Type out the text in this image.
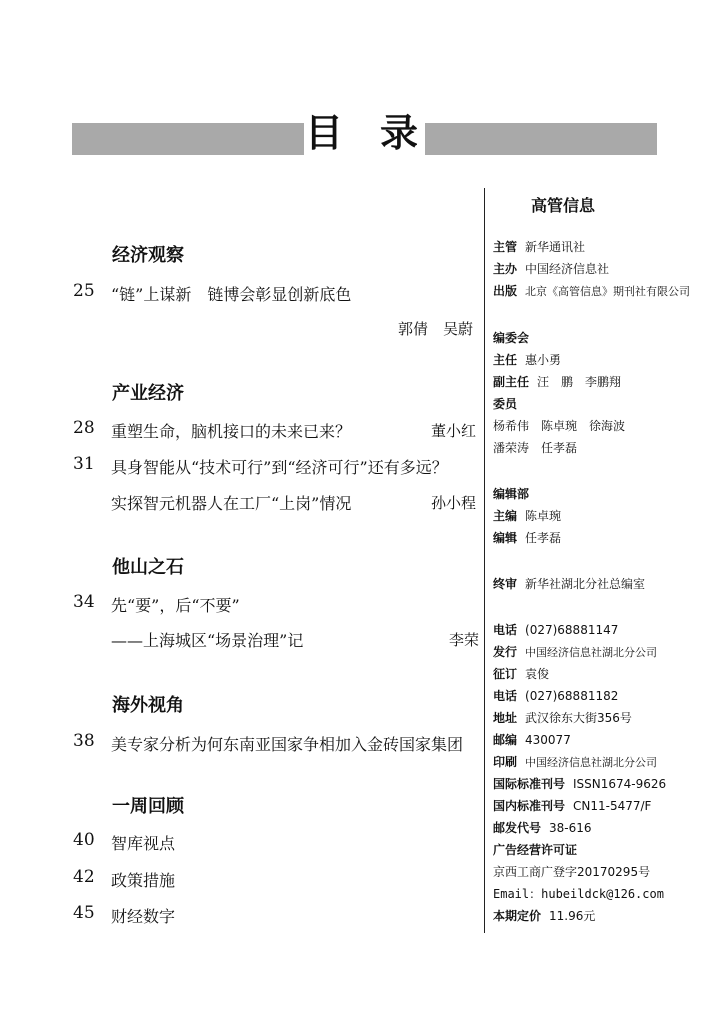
目 录
经济观察
25 “链”上谋新　链博会彰显创新底色
郭倩　吴蔚
产业经济
28 重塑生命，脑机接口的未来已来？	董小红
31 具身智能从“技术可行”到“经济可行”还有多远？
实探智元机器人在工厂“上岗”情况	孙小程
他山之石
34 先“要”，后“不要”
——上海城区“场景治理”记	李荣
海外视角
38 美专家分析为何东南亚国家争相加入金砖国家集团
一周回顾
40 智库视点
42 政策措施
45 财经数字
高管信息
主管 新华通讯社
主办 中国经济信息社
出版 北京《高管信息》期刊社有限公司
编委会
主任 惠小勇
副主任 汪　鹏　李鹏翔
委员
杨希伟　陈卓琬　徐海波
潘荣涛　任孝磊
编辑部
主编 陈卓琬
编辑 任孝磊
终审 新华社湖北分社总编室
电话 (027)68881147
发行 中国经济信息社湖北分公司
征订 袁俊
电话 (027)68881182
地址 武汉徐东大街356号
邮编 430077
印刷 中国经济信息社湖北分公司
国际标准刊号 ISSN1674-9626
国内标准刊号 CN11-5477/F
邮发代号 38-616
广告经营许可证
京西工商广登字20170295号
Email：hubeildck@126.com
本期定价 11.96元
